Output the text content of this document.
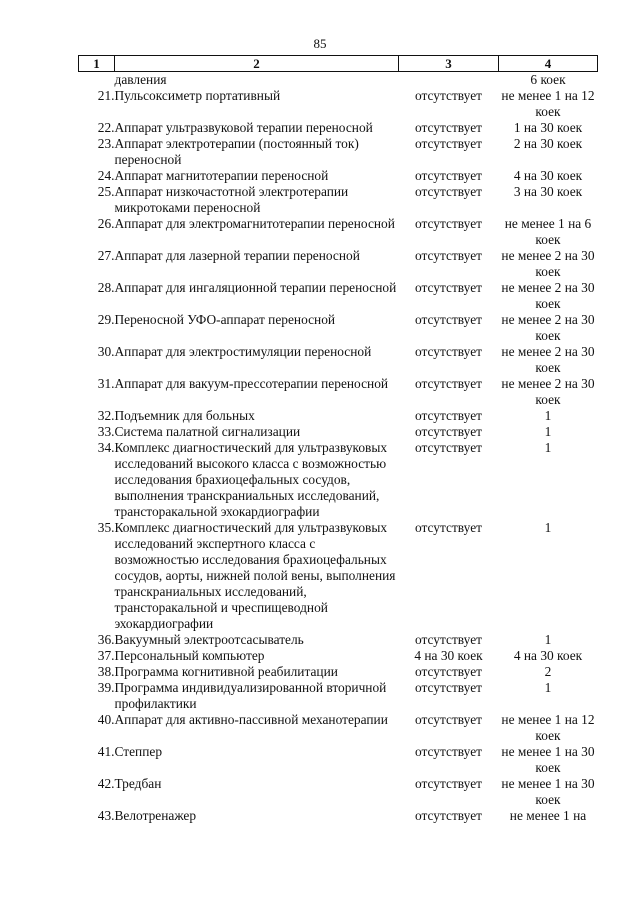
85
1	2	3	4
	давления		6 коек
21.	Пульсоксиметр портативный	отсутствует	не менее 1 на 12 коек
22.	Аппарат ультразвуковой терапии переносной	отсутствует	1 на 30 коек
23.	Аппарат электротерапии (постоянный ток) переносной	отсутствует	2 на 30 коек
24.	Аппарат магнитотерапии переносной	отсутствует	4 на 30 коек
25.	Аппарат низкочастотной электротерапии микротоками переносной	отсутствует	3 на 30 коек
26.	Аппарат для электромагнитотерапии переносной	отсутствует	не менее 1 на 6 коек
27.	Аппарат для лазерной терапии переносной	отсутствует	не менее 2 на 30 коек
28.	Аппарат для ингаляционной терапии переносной	отсутствует	не менее 2 на 30 коек
29.	Переносной УФО-аппарат переносной	отсутствует	не менее 2 на 30 коек
30.	Аппарат для электростимуляции переносной	отсутствует	не менее 2 на 30 коек
31.	Аппарат для вакуум-прессотерапии переносной	отсутствует	не менее 2 на 30 коек
32.	Подъемник для больных	отсутствует	1
33.	Система палатной сигнализации	отсутствует	1
34.	Комплекс диагностический для ультразвуковых исследований высокого класса с возможностью исследования брахиоцефальных сосудов, выполнения транскраниальных исследований, трансторакальной эхокардиографии	отсутствует	1
35.	Комплекс диагностический для ультразвуковых исследований экспертного класса с возможностью исследования брахиоцефальных сосудов, аорты, нижней полой вены, выполнения транскраниальных исследований, трансторакальной и чреспищеводной эхокардиографии	отсутствует	1
36.	Вакуумный электроотсасыватель	отсутствует	1
37.	Персональный компьютер	4 на 30 коек	4 на 30 коек
38.	Программа когнитивной реабилитации	отсутствует	2
39.	Программа индивидуализированной вторичной профилактики	отсутствует	1
40.	Аппарат для активно-пассивной механотерапии	отсутствует	не менее 1 на 12 коек
41.	Степпер	отсутствует	не менее 1 на 30 коек
42.	Тредбан	отсутствует	не менее 1 на 30 коек
43.	Велотренажер	отсутствует	не менее 1 на
